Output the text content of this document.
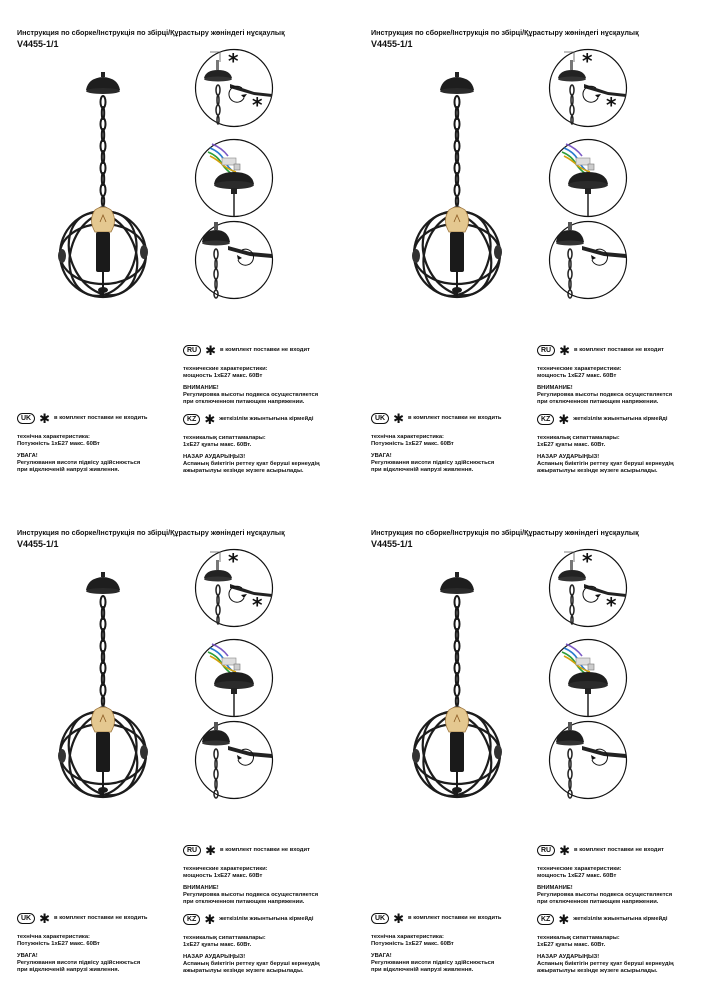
Инструкция по сборке/Інструкція по збірці/Құрастыру жөніндегі нұсқаулық
V4455-1/1
RU ✱ в комплект поставки не входит
технические характеристики:
мощность 1хЕ27 макс. 60Вт
ВНИМАНИЕ!
Регулировка высоты подвеса осуществляется
при отключенном питающем напряжении.
KZ ✱ жеткізілім жиынтығына кірмейді
техникалық сипаттамалары:
1хЕ27 қуаты макс. 60Вт.
НАЗАР АУДАРЫҢЫЗ!
Аспаның биіктігін реттеу қуат беруші кернеудің
ажыратылуы кезінде жүзеге асырылады.
UK ✱ в комплект поставки не входить
технічна характеристика:
Потужність 1хЕ27 макс. 60Вт
УВАГА!
Регулювання висоти підвісу здійснюється
при відключеній напрузі живлення.
Инструкция по сборке/Інструкція по збірці/Құрастыру жөніндегі нұсқаулық
V4455-1/1
RU ✱ в комплект поставки не входит
технические характеристики:
мощность 1хЕ27 макс. 60Вт
ВНИМАНИЕ!
Регулировка высоты подвеса осуществляется
при отключенном питающем напряжении.
KZ ✱ жеткізілім жиынтығына кірмейді
техникалық сипаттамалары:
1хЕ27 қуаты макс. 60Вт.
НАЗАР АУДАРЫҢЫЗ!
Аспаның биіктігін реттеу қуат беруші кернеудің
ажыратылуы кезінде жүзеге асырылады.
UK ✱ в комплект поставки не входить
технічна характеристика:
Потужність 1хЕ27 макс. 60Вт
УВАГА!
Регулювання висоти підвісу здійснюється
при відключеній напрузі живлення.
Инструкция по сборке/Інструкція по збірці/Құрастыру жөніндегі нұсқаулық
V4455-1/1
RU ✱ в комплект поставки не входит
технические характеристики:
мощность 1хЕ27 макс. 60Вт
ВНИМАНИЕ!
Регулировка высоты подвеса осуществляется
при отключенном питающем напряжении.
KZ ✱ жеткізілім жиынтығына кірмейді
техникалық сипаттамалары:
1хЕ27 қуаты макс. 60Вт.
НАЗАР АУДАРЫҢЫЗ!
Аспаның биіктігін реттеу қуат беруші кернеудің
ажыратылуы кезінде жүзеге асырылады.
UK ✱ в комплект поставки не входить
технічна характеристика:
Потужність 1хЕ27 макс. 60Вт
УВАГА!
Регулювання висоти підвісу здійснюється
при відключеній напрузі живлення.
Инструкция по сборке/Інструкція по збірці/Құрастыру жөніндегі нұсқаулық
V4455-1/1
RU ✱ в комплект поставки не входит
технические характеристики:
мощность 1хЕ27 макс. 60Вт
ВНИМАНИЕ!
Регулировка высоты подвеса осуществляется
при отключенном питающем напряжении.
KZ ✱ жеткізілім жиынтығына кірмейді
техникалық сипаттамалары:
1хЕ27 қуаты макс. 60Вт.
НАЗАР АУДАРЫҢЫЗ!
Аспаның биіктігін реттеу қуат беруші кернеудің
ажыратылуы кезінде жүзеге асырылады.
UK ✱ в комплект поставки не входить
технічна характеристика:
Потужність 1хЕ27 макс. 60Вт
УВАГА!
Регулювання висоти підвісу здійснюється
при відключеній напрузі живлення.
